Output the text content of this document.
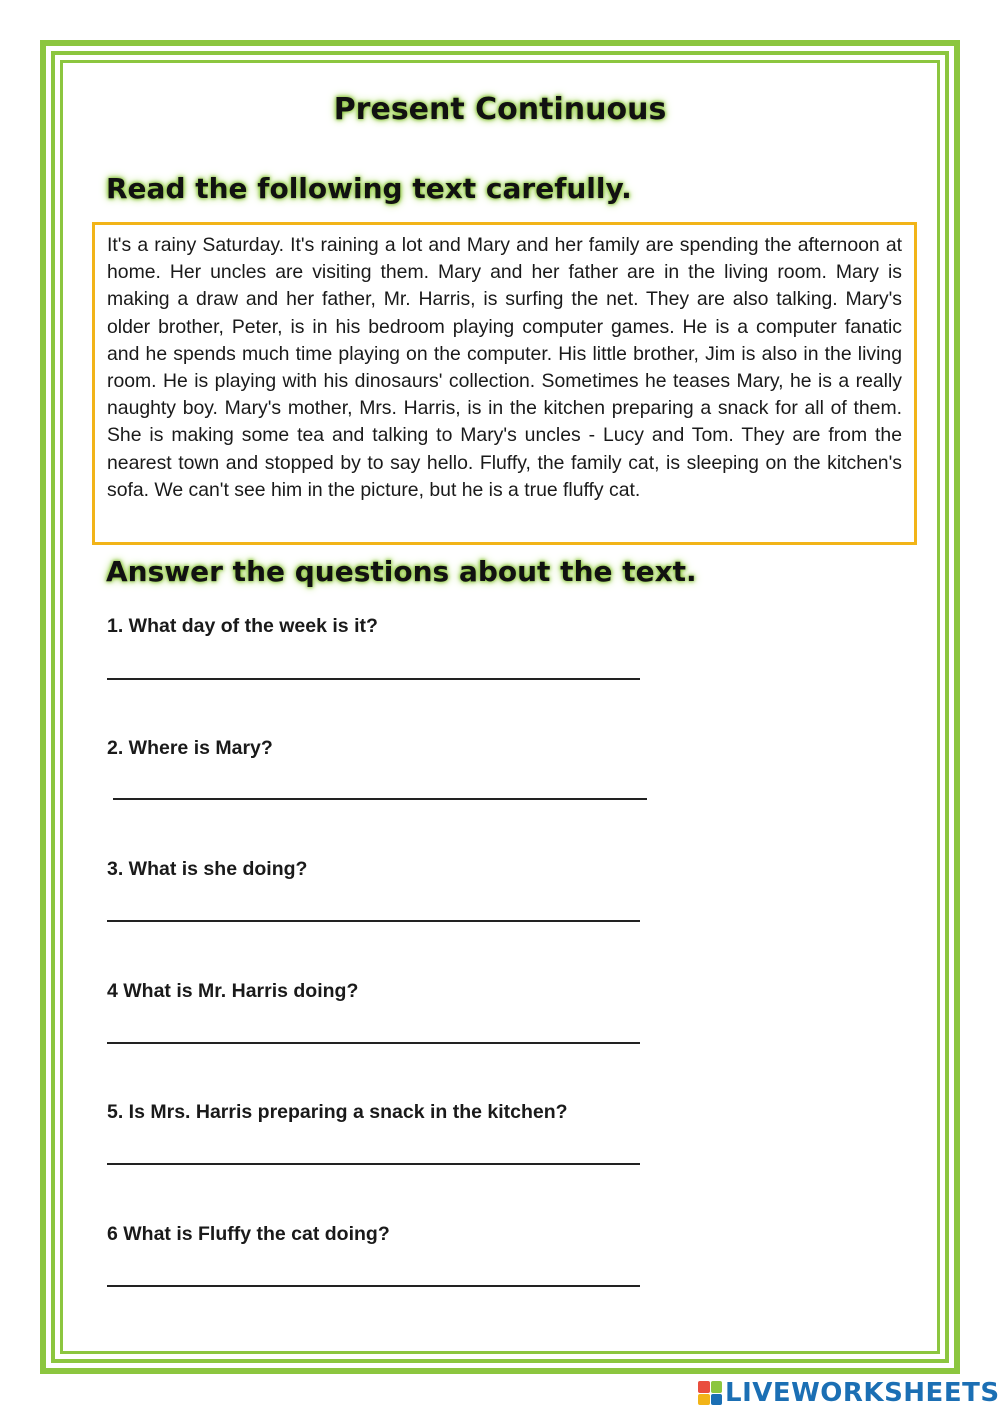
Present Continuous
Read the following text carefully.

It's a rainy Saturday. It's raining a lot and Mary and her family are spending the afternoon at home. Her uncles are visiting them. Mary and her father are in the living room. Mary is making a draw and her father, Mr. Harris, is surfing the net. They are also talking. Mary's older brother, Peter, is in his bedroom playing computer games. He is a computer fanatic and he spends much time playing on the computer. His little brother, Jim is also in the living room. He is playing with his dinosaurs' collection. Sometimes he teases Mary, he is a really naughty boy. Mary's mother, Mrs. Harris, is in the kitchen preparing a snack for all of them. She is making some tea and talking to Mary's uncles - Lucy and Tom. They are from the nearest town and stopped by to say hello. Fluffy, the family cat, is sleeping on the kitchen's sofa. We can't see him in the picture, but he is a true fluffy cat.

Answer the questions about the text.

1. What day of the week is it?

2. Where is Mary?

3. What is she doing?

4 What is Mr. Harris doing?

5. Is Mrs. Harris preparing a snack in the kitchen?

6 What is Fluffy the cat doing?

LIVEWORKSHEETS
